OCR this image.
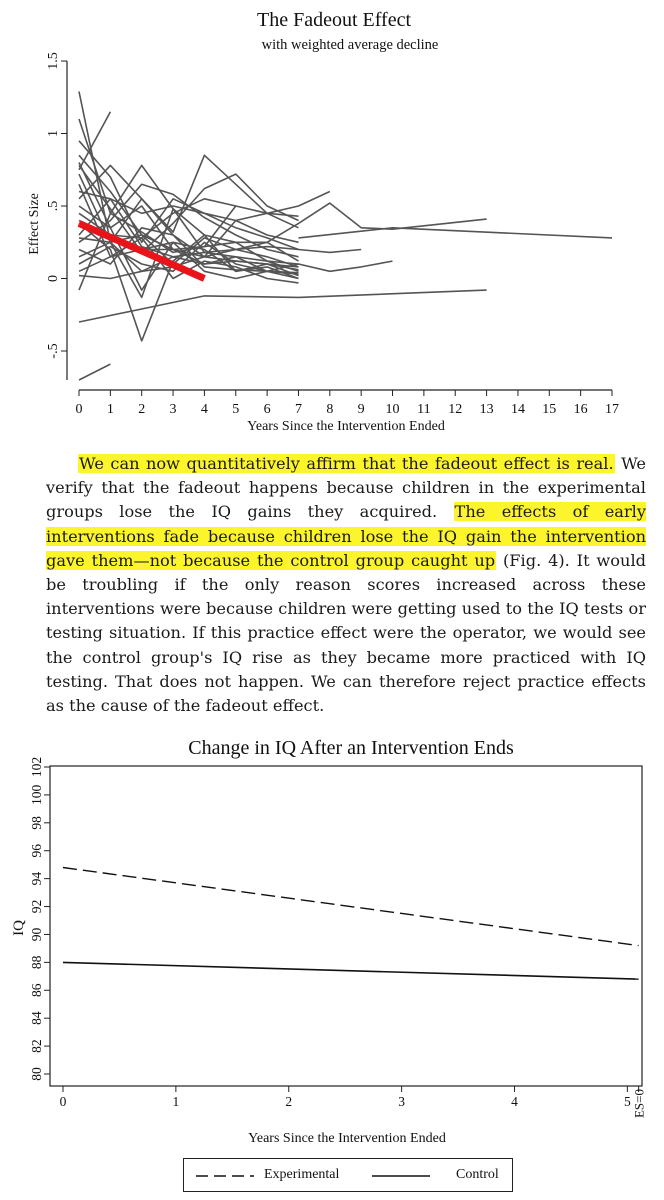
The Fadeout Effect
with weighted average decline
Effect Size
Years Since the Intervention Ended
1.5
1
.5
0
-.5
0 1 2 3 4 5 6 7 8 9 10 11 12 13 14 15 16 17

We can now quantitatively affirm that the fadeout effect is real. We verify that the fadeout happens because children in the experimental groups lose the IQ gains they acquired. The effects of early interventions fade because children lose the IQ gain the intervention gave them—not because the control group caught up (Fig. 4). It would be troubling if the only reason scores increased across these interventions were because children were getting used to the IQ tests or testing situation. If this practice effect were the operator, we would see the control group's IQ rise as they became more practiced with IQ testing. That does not happen. We can therefore reject practice effects as the cause of the fadeout effect.

Change in IQ After an Intervention Ends
IQ
Years Since the Intervention Ended
80
82
84
86
88
90
92
94
96
98
100
102
0	1	2	3	4	5 ES=0
Experimental	Control
